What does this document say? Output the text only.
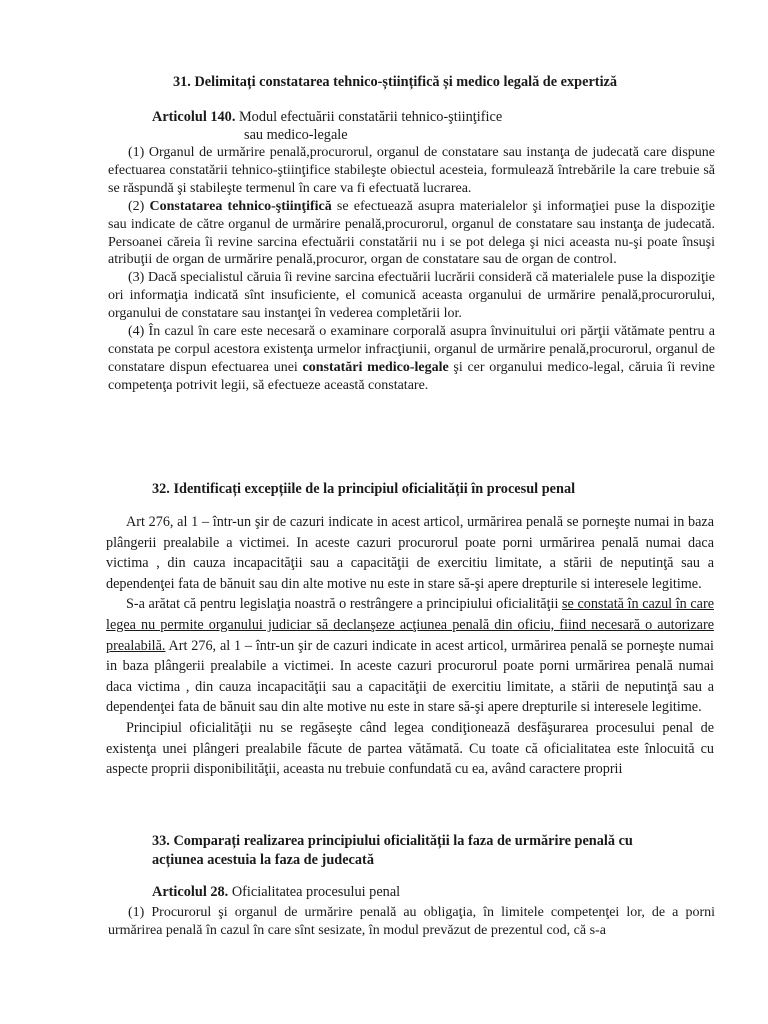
31. Delimitați constatarea tehnico-științifică și medico legală de expertiză
Articolul 140. Modul efectuării constatării tehnico-ştiinţifice
sau medico-legale

(1) Organul de urmărire penală,procurorul, organul de constatare sau instanţa de judecată care dispune efectuarea constatării tehnico-ştiinţifice stabileşte obiectul acesteia, formulează întrebările la care trebuie să se răspundă şi stabileşte termenul în care va fi efectuată lucrarea.

(2) Constatarea tehnico-ştiinţifică se efectuează asupra materialelor şi informaţiei puse la dispoziţie sau indicate de către organul de urmărire penală,procurorul, organul de constatare sau instanţa de judecată. Persoanei căreia îi revine sarcina efectuării constatării nu i se pot delega şi nici aceasta nu-şi poate însuşi atribuţii de organ de urmărire penală,procuror, organ de constatare sau de organ de control.

(3) Dacă specialistul căruia îi revine sarcina efectuării lucrării consideră că materialele puse la dispoziţie ori informaţia indicată sînt insuficiente, el comunică aceasta organului de urmărire penală,procurorului, organului de constatare sau instanţei în vederea completării lor.

(4) În cazul în care este necesară o examinare corporală asupra învinuitului ori părţii vătămate pentru a constata pe corpul acestora existenţa urmelor infracţiunii, organul de urmărire penală,procurorul, organul de constatare dispun efectuarea unei constatări medico-legale şi cer organului medico-legal, căruia îi revine competenţa potrivit legii, să efectueze această constatare.

32. Identificați excepțiile de la principiul oficialității în procesul penal

Art 276, al 1 – într-un şir de cazuri indicate in acest articol, urmărirea penală se porneşte numai in baza plângerii prealabile a victimei. In aceste cazuri procurorul poate porni urmărirea penală numai daca victima , din cauza incapacităţii sau a capacităţii de exercitiu limitate, a stării de neputinţă sau a dependenţei fata de bănuit sau din alte motive nu este in stare să-şi apere drepturile si interesele legitime.

S-a arătat că pentru legislaţia noastră o restrângere a principiului oficialităţii se constată în cazul în care legea nu permite organului judiciar să declanşeze acţiunea penală din oficiu, fiind necesară o autorizare prealabilă. Art 276, al 1 – într-un şir de cazuri indicate in acest articol, urmărirea penală se porneşte numai in baza plângerii prealabile a victimei. In aceste cazuri procurorul poate porni urmărirea penală numai daca victima , din cauza incapacităţii sau a capacităţii de exercitiu limitate, a stării de neputinţă sau a dependenţei fata de bănuit sau din alte motive nu este in stare să-şi apere drepturile si interesele legitime.

Principiul oficialităţii nu se regăseşte când legea condiţionează desfăşurarea procesului penal de existenţa unei plângeri prealabile făcute de partea vătămată. Cu toate că oficialitatea este înlocuită cu aspecte proprii disponibilităţii, aceasta nu trebuie confundată cu ea, având caractere proprii

33. Comparați realizarea principiului oficialității la faza de urmărire penală cu
acțiunea acestuia la faza de judecată
Articolul 28. Oficialitatea procesului penal

(1) Procurorul şi organul de urmărire penală au obligaţia, în limitele competenţei lor, de a porni urmărirea penală în cazul în care sînt sesizate, în modul prevăzut de prezentul cod, că s-a
